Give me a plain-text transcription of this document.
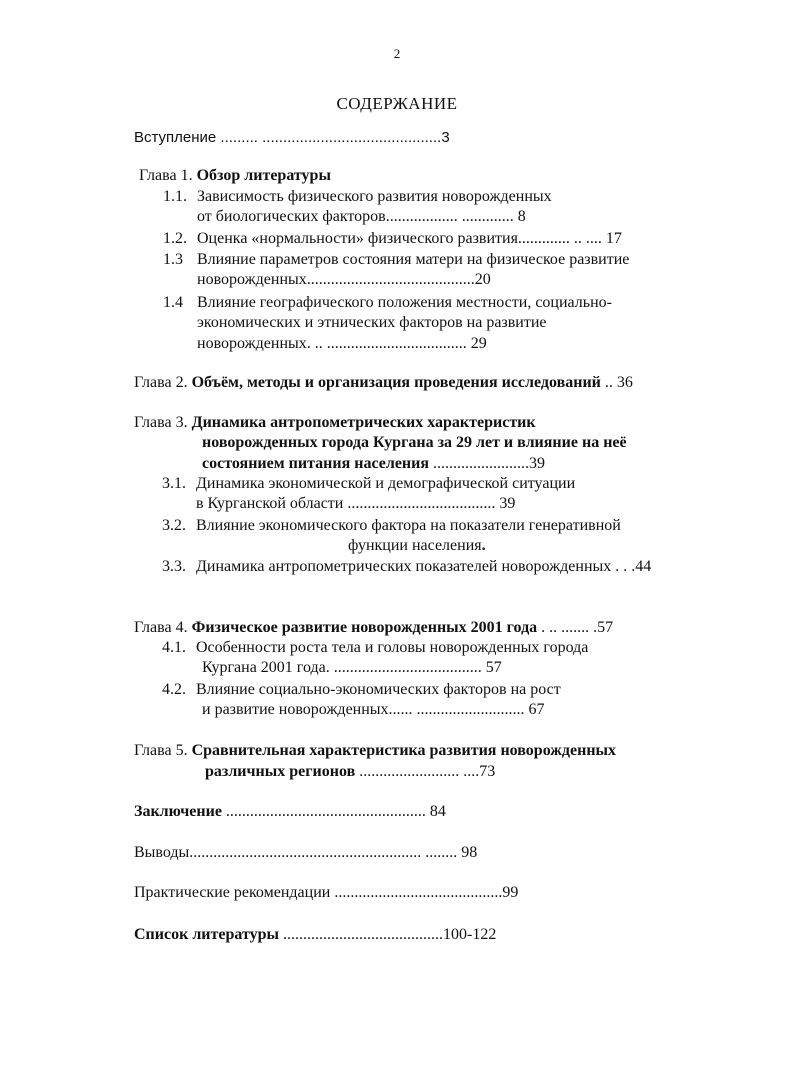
2
СОДЕРЖАНИЕ
Вступление ......... ...........................................3
Глава 1. Обзор литературы
1.1. Зависимость физического развития новорожденных
от биологических факторов.................. ............. 8
1.2. Оценка «нормальности» физического развития............. .. .... 17
1.3 Влияние параметров состояния матери на физическое развитие
новорожденных..........................................20
1.4 Влияние географического положения местности, социально-
экономических и этнических факторов на развитие
новорожденных. .. ................................... 29
Глава 2. Объём, методы и организация проведения исследований .. 36
Глава 3. Динамика антропометрических характеристик
новорожденных города Кургана за 29 лет и влияние на неё
состоянием питания населения ........................39
3.1. Динамика экономической и демографической ситуации
в Курганской области ..................................... 39
3.2. Влияние экономического фактора на показатели генеративной
функции населения.
3.3. Динамика антропометрических показателей новорожденных . . .44
Глава 4. Физическое развитие новорожденных 2001 года . .. ....... .57
4.1. Особенности роста тела и головы новорожденных города
Кургана 2001 года. ..................................... 57
4.2. Влияние социально-экономических факторов на рост
и развитие новорожденных...... ........................... 67
Глава 5. Сравнительная характеристика развития новорожденных
различных регионов ......................... ....73
Заключение .................................................. 84
Выводы.......................................................... ........ 98
Практические рекомендации ..........................................99
Список литературы ........................................100-122
